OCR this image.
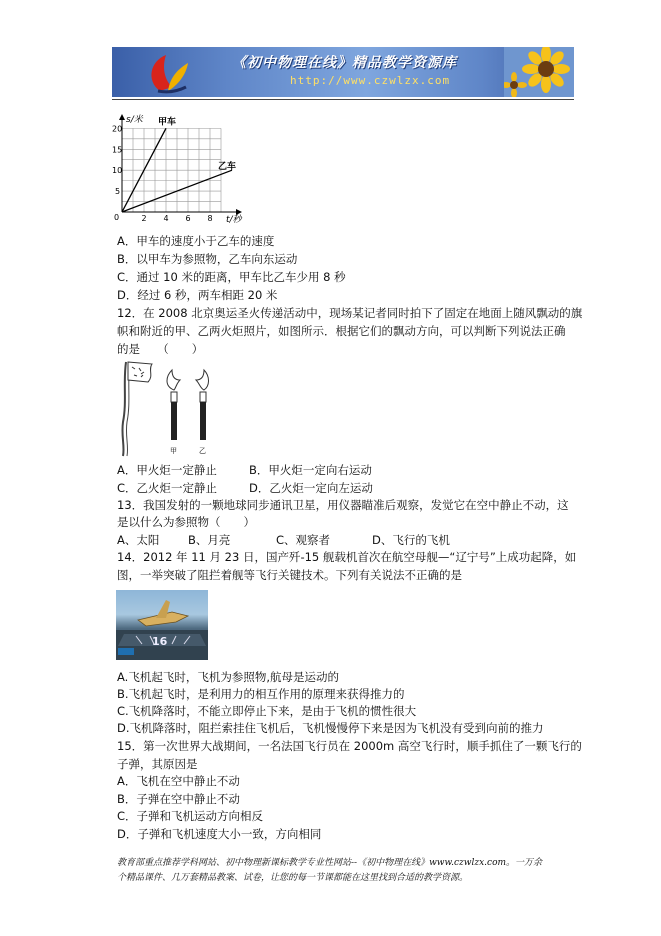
《初中物理在线》精品教学资源库
http://www.czwlzx.com
2 4 6 8
5
10
15
20
甲车
乙车
s/米
t/秒
0
A．甲车的速度小于乙车的速度
B．以甲车为参照物，乙车向东运动
C．通过 10 米的距离，甲车比乙车少用 8 秒
D．经过 6 秒，两车相距 20 米
12．在 2008 北京奥运圣火传递活动中，现场某记者同时拍下了固定在地面上随风飘动的旗
帜和附近的甲、乙两火炬照片，如图所示．根据它们的飘动方向，可以判断下列说法正确
的是　　（　　）
甲	乙
A．甲火炬一定静止	B．甲火炬一定向右运动
C．乙火炬一定静止	D．乙火炬一定向左运动
13．我国发射的一颗地球同步通讯卫星，用仪器瞄准后观察，发觉它在空中静止不动，这
是以什么为参照物（　　）
A、太阳 B、月亮	C、观察者	D、飞行的飞机
14．2012 年 11 月 23 日，国产歼-15 舰载机首次在航空母舰—“辽宁号”上成功起降，如
图，一举突破了阻拦着舰等飞行关键技术。下列有关说法不正确的是
16
A.飞机起飞时，飞机为参照物,航母是运动的
B.飞机起飞时，是利用力的相互作用的原理来获得推力的
C.飞机降落时，不能立即停止下来，是由于飞机的惯性很大
D.飞机降落时，阻拦索挂住飞机后，飞机慢慢停下来是因为飞机没有受到向前的推力
15．第一次世界大战期间，一名法国飞行员在 2000m 高空飞行时，顺手抓住了一颗飞行的
子弹，其原因是
A．飞机在空中静止不动
B．子弹在空中静止不动
C．子弹和飞机运动方向相反
D．子弹和飞机速度大小一致，方向相同
教育部重点推荐学科网站、初中物理新课标教学专业性网站--《初中物理在线》www.czwlzx.com。一万余
个精品课件、几万套精品教案、试卷，让您的每一节课都能在这里找到合适的教学资源。
